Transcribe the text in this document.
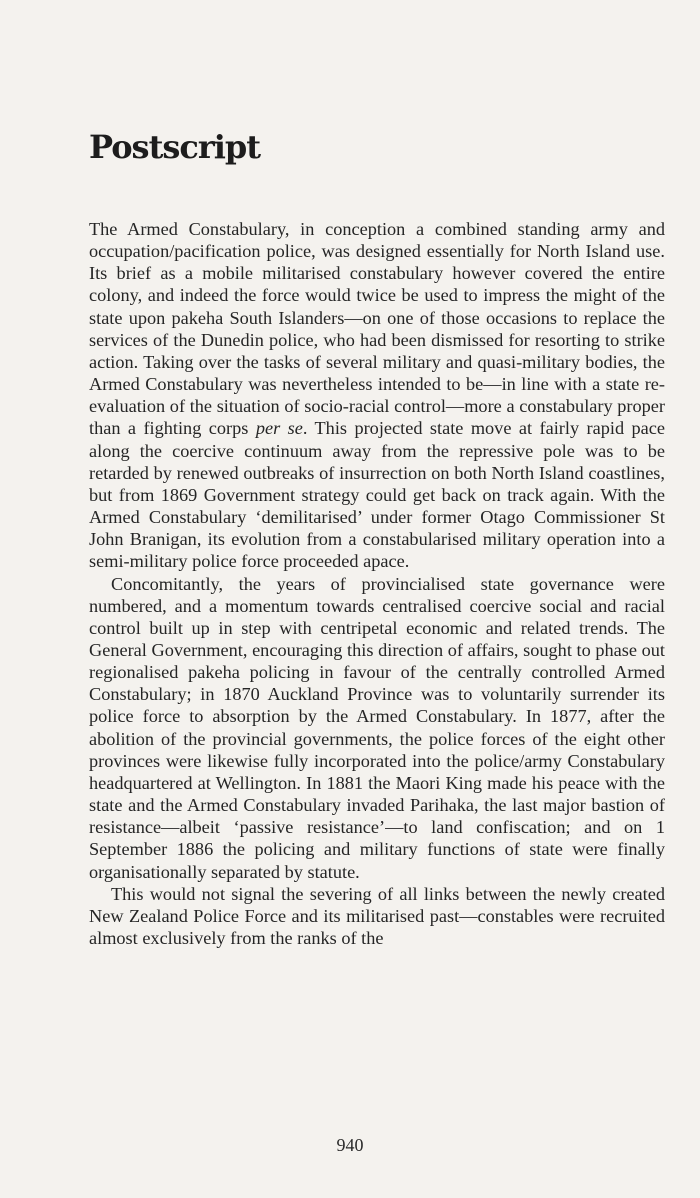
Postscript

The Armed Constabulary, in conception a combined standing army and occupation/pacification police, was designed essentially for North Island use. Its brief as a mobile militarised constabulary however covered the entire colony, and indeed the force would twice be used to impress the might of the state upon pakeha South Islanders—on one of those occasions to replace the services of the Dunedin police, who had been dismissed for resorting to strike action. Taking over the tasks of several military and quasi-military bodies, the Armed Constabulary was nevertheless intended to be—in line with a state re-evaluation of the situation of socio-racial control—more a constabulary proper than a fighting corps per se. This projected state move at fairly rapid pace along the coercive continuum away from the repressive pole was to be retarded by renewed outbreaks of insurrection on both North Island coastlines, but from 1869 Government strategy could get back on track again. With the Armed Constabulary ‘demilitarised’ under former Otago Commissioner St John Branigan, its evolution from a constabularised military operation into a semi-military police force proceeded apace.

Concomitantly, the years of provincialised state governance were numbered, and a momentum towards centralised coercive social and racial control built up in step with centripetal economic and related trends. The General Government, encouraging this direction of affairs, sought to phase out regionalised pakeha policing in favour of the centrally controlled Armed Constabulary; in 1870 Auckland Province was to voluntarily surrender its police force to absorption by the Armed Constabulary. In 1877, after the abolition of the provincial governments, the police forces of the eight other provinces were likewise fully incorporated into the police/army Constabulary headquartered at Wellington. In 1881 the Maori King made his peace with the state and the Armed Constabulary invaded Parihaka, the last major bastion of resistance—albeit ‘passive resistance’—to land confiscation; and on 1 September 1886 the policing and military functions of state were finally organisationally separated by statute.

This would not signal the severing of all links between the newly created New Zealand Police Force and its militarised past—constables were recruited almost exclusively from the ranks of the

940
